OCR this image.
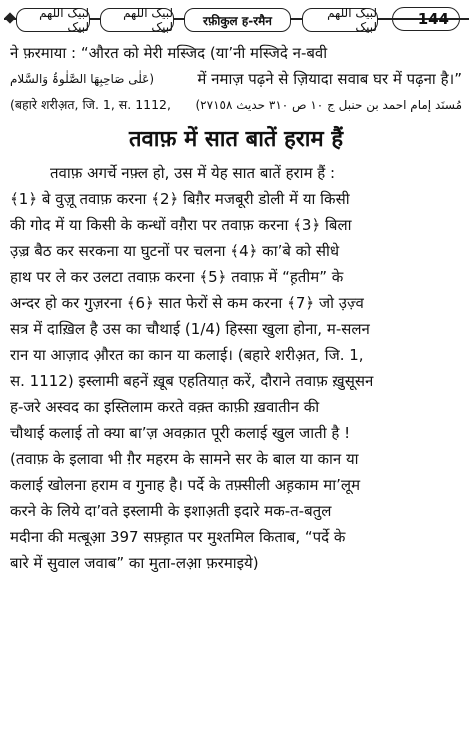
لبیک اللھم لبیک
لبیک اللھم لبیک	रफ़ीकुल ह-रमैन
لبیک اللھم لبیک	144
ने फ़रमाया : “औरत को मेरी मस्जिद (या’नी मस्जिदे न-बवी
(عَلٰی صَاحِبِھَا الصَّلٰوۃُ وَالسَّلام	में नमाज़ पढ़ने से ज़ियादा सवाब घर में पढ़ना है।”
(बहारे शरीअ़त, जि. 1, स. 1112, مُسنَد إمام احمد بن حنبل ج ١٠ ص ٣١٠ حديث ٢٧١٥٨)
तवाफ़ में सात बातें हराम हैं
तवाफ़ अगर्चे नफ़्ल हो, उस में येह सात बातें हराम हैं :
﴾1﴿ बे वुज़ू तवाफ़ करना ﴾2﴿ बिग़ैर मजबूरी डोली में या किसी
की गोद में या किसी के कन्धों वग़ैरा पर तवाफ़ करना ﴾3﴿ बिला
उ़ज़्र बैठ कर सरकना या घुटनों पर चलना ﴾4﴿ का’बे को सीधे
हाथ पर ले कर उलटा तवाफ़ करना ﴾5﴿ तवाफ़ में “ह़तीम” के
अन्दर हो कर गुज़रना ﴾6﴿ सात फेरों से कम करना ﴾7﴿ जो उ़ज़्व
सत्र में दाख़िल है उस का चौथाई (1/4) हिस्सा खुला होना, म-सलन
रान या आज़ाद औ़रत का कान या कलाई। (बहारे शरीअ़त, जि. 1,
स. 1112) इस्लामी बहनें ख़ूब एहतियात़ करें, दौराने तवाफ़ ख़ुसूसन
ह-जरे अस्वद का इस्तिलाम करते वक़्त काफ़ी ख़वातीन की
चौथाई कलाई तो क्या बा’ज़ अवक़ात पूरी कलाई खुल जाती है !
(तवाफ़ के इलावा भी ग़ैर महरम के सामने सर के बाल या कान या
कलाई खोलना हराम व गुनाह है। पर्दे के तफ़्सीली अह़काम मा’लूम
करने के लिये दा’वते इस्लामी के इशाअ़ती इदारे मक-त-बतुल
मदीना की मत्बूआ़ 397 सफ़्ह़ात पर मुश्तमिल किताब, “पर्दे के
बारे में सुवाल जवाब” का मुता-लआ़ फ़रमाइये)
